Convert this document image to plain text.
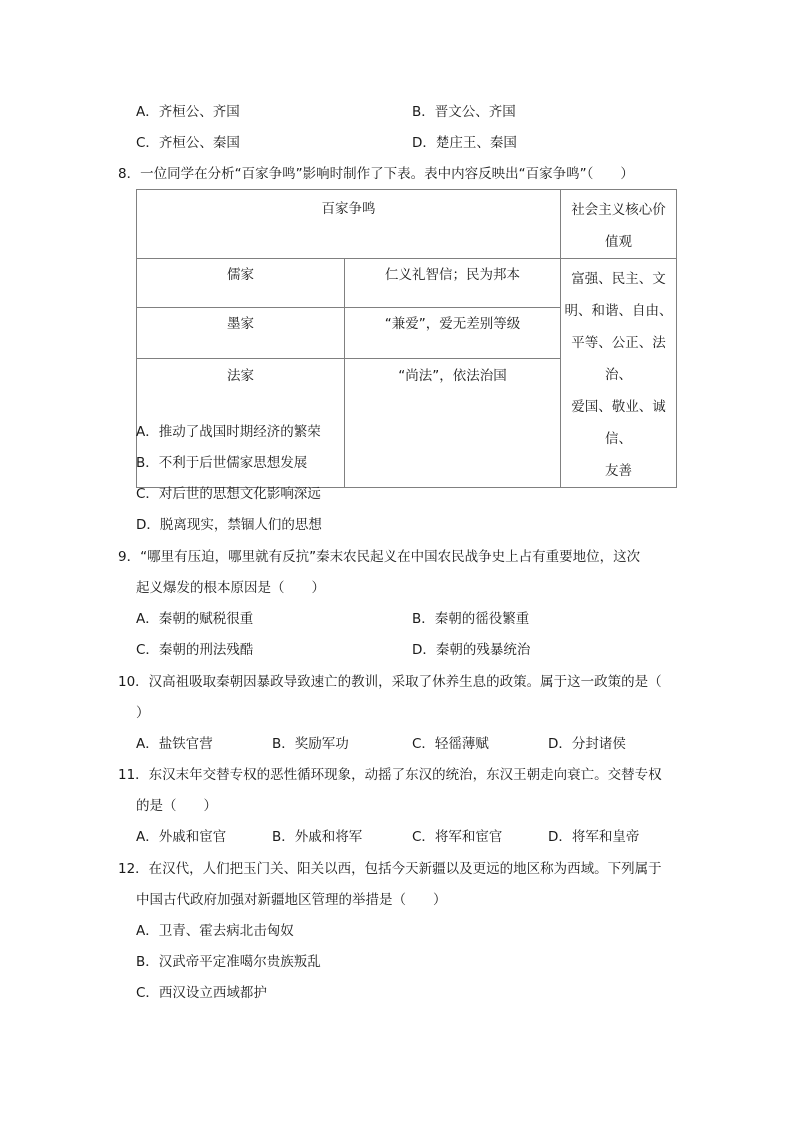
A．齐桓公、齐国	B．晋文公、齐国
C．齐桓公、秦国	D．楚庄王、秦国
8．一位同学在分析“百家争鸣”影响时制作了下表。表中内容反映出“百家争鸣”（　　）
百家争鸣		社会主义核心价
值观

儒家	仁义礼智信；民为邦本	富强、民主、文
明、和谐、自由、
平等、公正、法治、
爱国、敬业、诚信、
友善

墨家	“兼爱”，爱无差别等级	

法家	“尚法”，依法治国	
A．推动了战国时期经济的繁荣
B．不利于后世儒家思想发展
C．对后世的思想文化影响深远
D．脱离现实，禁锢人们的思想
9．“哪里有压迫，哪里就有反抗”秦末农民起义在中国农民战争史上占有重要地位，这次
起义爆发的根本原因是（　　）
A．秦朝的赋税很重	B．秦朝的徭役繁重
C．秦朝的刑法残酷	D．秦朝的残暴统治
10．汉高祖吸取秦朝因暴政导致速亡的教训，采取了休养生息的政策。属于这一政策的是（
）
A．盐铁官营	B．奖励军功	C．轻徭薄赋	D．分封诸侯
11．东汉末年交替专权的恶性循环现象，动摇了东汉的统治，东汉王朝走向衰亡。交替专权
的是（　　）
A．外戚和宦官	B．外戚和将军	C．将军和宦官	D．将军和皇帝
12．在汉代，人们把玉门关、阳关以西，包括今天新疆以及更远的地区称为西域。下列属于
中国古代政府加强对新疆地区管理的举措是（　　）
A．卫青、霍去病北击匈奴
B．汉武帝平定准噶尔贵族叛乱
C．西汉设立西域都护
